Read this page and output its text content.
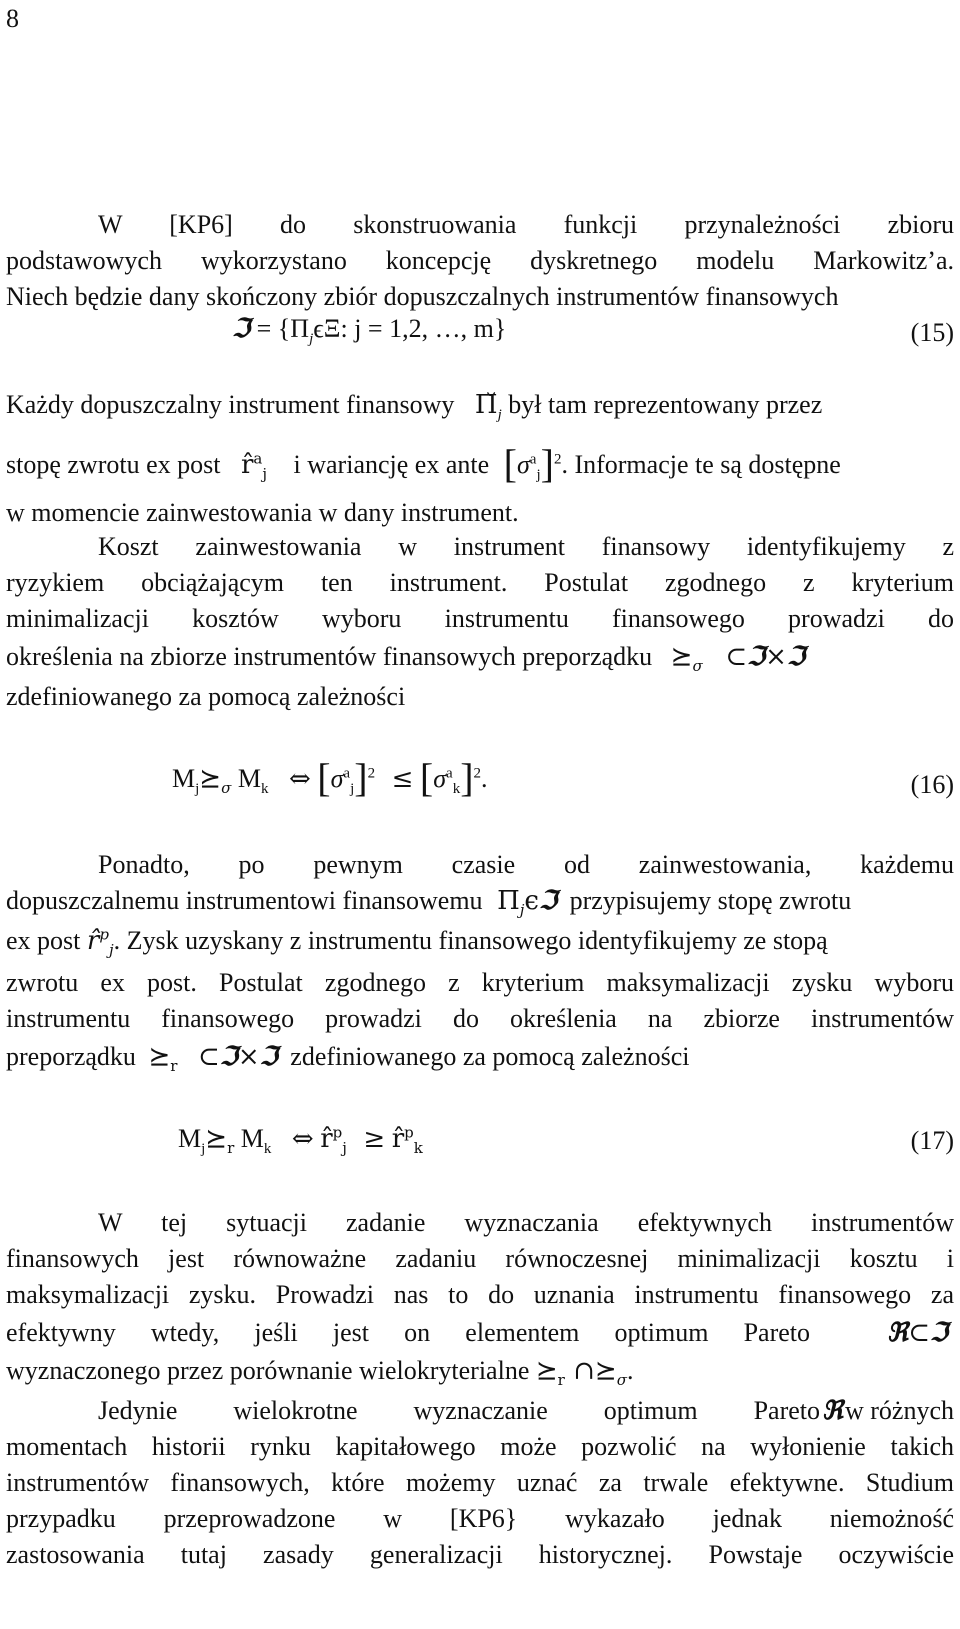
8
W [KP6] do skonstruowania funkcji przynależności zbioru
podstawowych wykorzystano koncepcję dyskretnego modelu Markowitz’a.
Niech będzie dany skończony zbiór dopuszczalnych instrumentów finansowych
ℑ = {$\Pi_j\epsilon\Xi$: j = 1,2, …, m}	(15)
Każdy dopuszczalny instrument finansowy $\Pĭ_j$ był tam reprezentowany przez
stopę zwrotu ex post r̂$^a_j$ i wariancję ex ante $[\sigma^a_j]^2$. Informacje te są dostępne
w momencie zainwestowania w dany instrument.
Koszt zainwestowania w instrument finansowy identyfikujemy z
ryzykiem obciążającym ten instrument. Postulat zgodnego z kryterium
minimalizacji kosztów wyboru instrumentu finansowego prowadzi do
określenia na zbiorze instrumentów finansowych preporządku $⪰_\sigma$ ⊂ℑ×ℑ
zdefiniowanego za pomocą zależności
$M_j⪰_\sigma$ $M_k$ ⇔ $[\sigma^a_j]^2 \le [\sigma^a_k]^2$.	(16)
Ponadto, po pewnym czasie od zainwestowania, każdemu
dopuszczalnemu instrumentowi finansowemu $\Pi_j\epsilon ℑ$ przypisujemy stopę zwrotu
ex post r̂$^p_j$. Zysk uzyskany z instrumentu finansowego identyfikujemy ze stopą
zwrotu ex post. Postulat zgodnego z kryterium maksymalizacji zysku wyboru
instrumentu finansowego prowadzi do określenia na zbiorze instrumentów
preporządku $⪰_r$ ⊂ℑ×ℑ zdefiniowanego za pomocą zależności
$M_j⪰_r$ $M_k$ ⇔ r̂$^p_j$ ≥ r̂$^p_k$	(17)
W tej sytuacji zadanie wyznaczania efektywnych instrumentów
finansowych jest równoważne zadaniu równoczesnej minimalizacji kosztu i
maksymalizacji zysku. Prowadzi nas to do uznania instrumentu finansowego za
efektywny wtedy, jeśli jest on elementem optimum Pareto	ℜ⊂ℑ
wyznaczonego przez porównanie wielokryterialne $⪰_r$ $\cap⪰_\sigma$.
Jedynie wielokrotne wyznaczanie optimum Pareto ℜ w różnych
momentach historii rynku kapitałowego może pozwolić na wyłonienie takich
instrumentów finansowych, które możemy uznać za trwale efektywne. Studium
przypadku przeprowadzone w [KP6} wykazało jednak niemożność
zastosowania tutaj zasady generalizacji historycznej. Powstaje oczywiście
